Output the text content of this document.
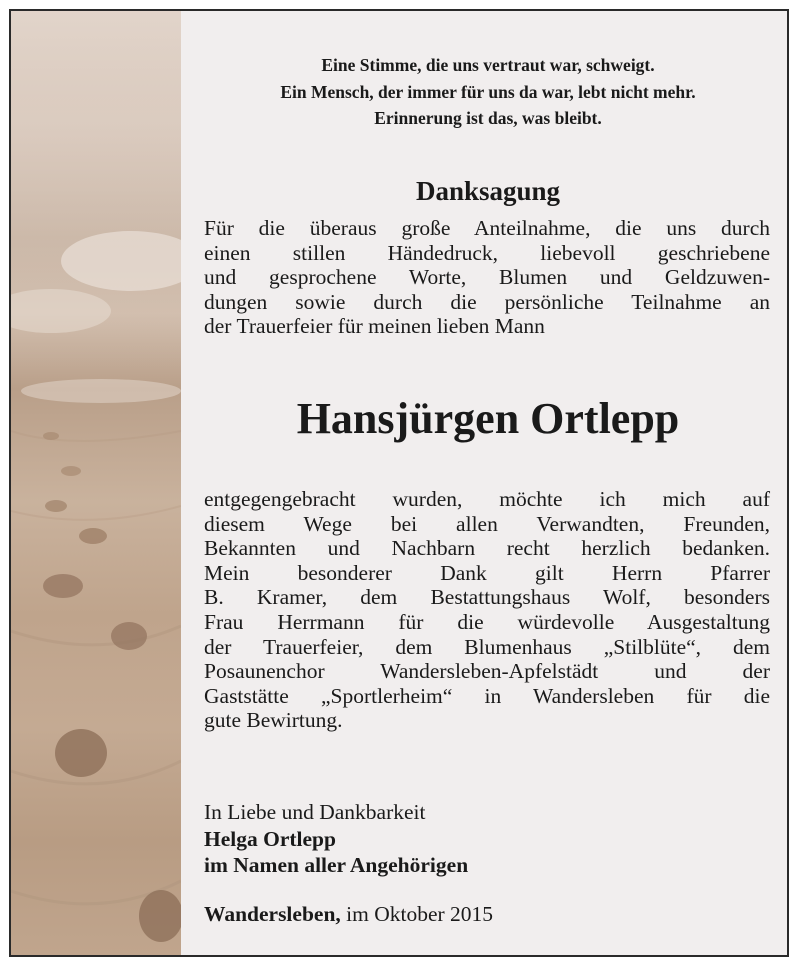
Eine Stimme, die uns vertraut war, schweigt.
Ein Mensch, der immer für uns da war, lebt nicht mehr.
Erinnerung ist das, was bleibt.
Danksagung
Für die überaus große Anteilnahme, die uns durch
einen stillen Händedruck, liebevoll geschriebene
und gesprochene Worte, Blumen und Geldzuwen-
dungen sowie durch die persönliche Teilnahme an
der Trauerfeier für meinen lieben Mann
Hansjürgen Ortlepp
entgegengebracht wurden, möchte ich mich auf
diesem Wege bei allen Verwandten, Freunden,
Bekannten und Nachbarn recht herzlich bedanken.
Mein besonderer Dank gilt Herrn Pfarrer
B. Kramer, dem Bestattungshaus Wolf, besonders
Frau Herrmann für die würdevolle Ausgestaltung
der Trauerfeier, dem Blumenhaus „Stilblüte“, dem
Posaunenchor Wandersleben-Apfelstädt und der
Gaststätte „Sportlerheim“ in Wandersleben für die
gute Bewirtung.
In Liebe und Dankbarkeit
Helga Ortlepp
im Namen aller Angehörigen
Wandersleben, im Oktober 2015
